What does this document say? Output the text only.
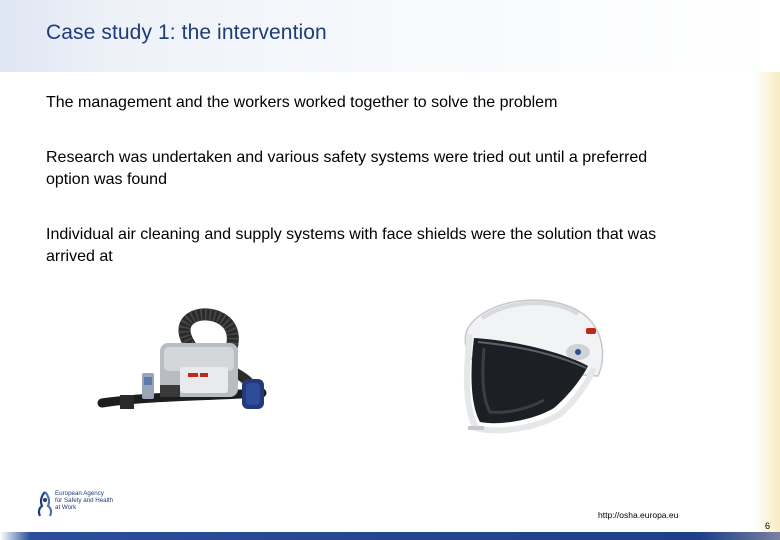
Case study 1: the intervention

The management and the workers worked together to solve the problem

Research was undertaken and various safety systems were tried out until a preferred option was found

Individual air cleaning and supply systems with face shields were the solution that was arrived at

European Agency
for Safety and Health
at Work
http://osha.europa.eu
6
